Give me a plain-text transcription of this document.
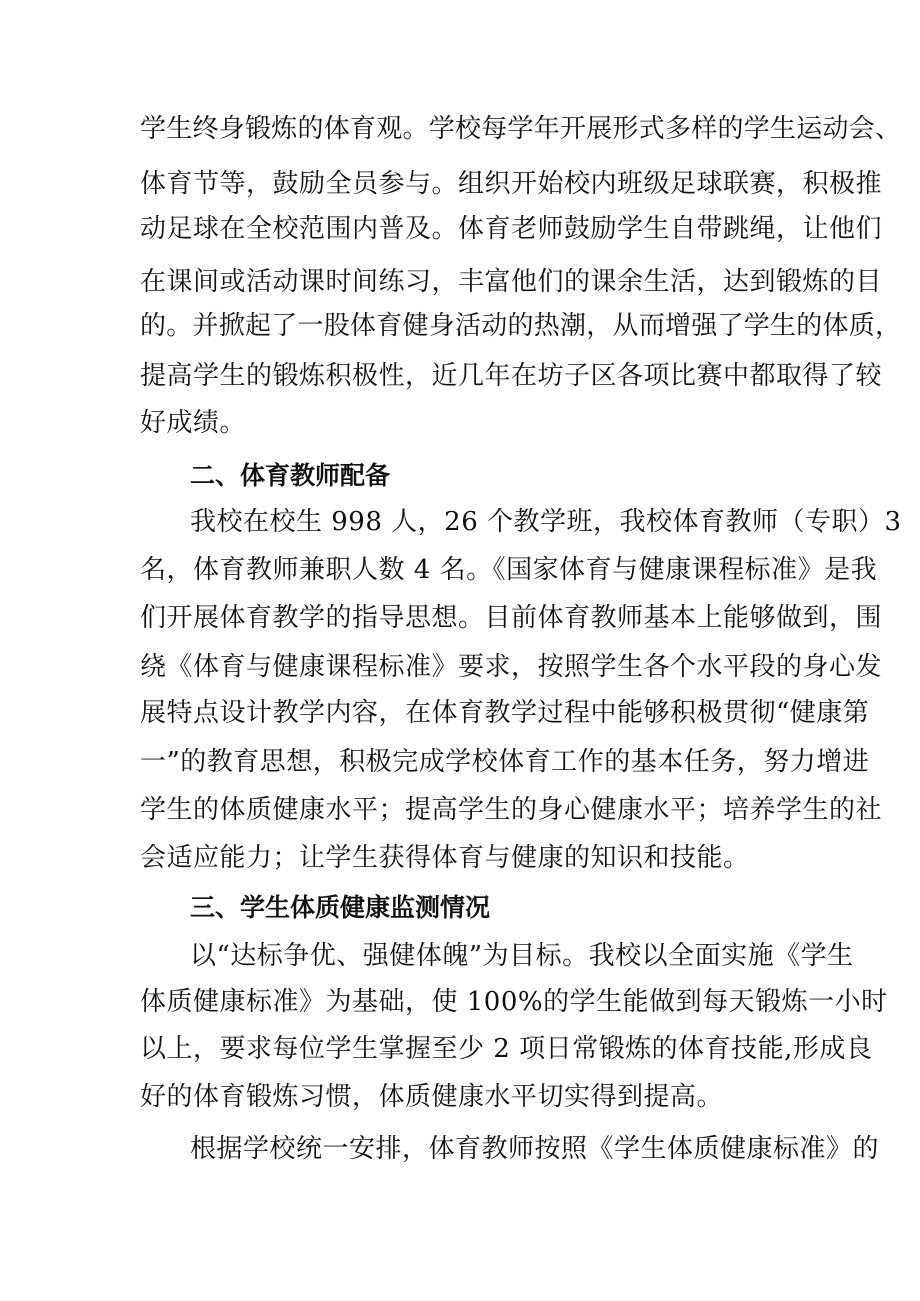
学生终身锻炼的体育观。学校每学年开展形式多样的学生运动会、
体育节等，鼓励全员参与。组织开始校内班级足球联赛，积极推
动足球在全校范围内普及。体育老师鼓励学生自带跳绳，让他们
在课间或活动课时间练习，丰富他们的课余生活，达到锻炼的目
的。并掀起了一股体育健身活动的热潮，从而增强了学生的体质，
提高学生的锻炼积极性，近几年在坊子区各项比赛中都取得了较
好成绩。
二、体育教师配备
我校在校生 998 人，26 个教学班，我校体育教师（专职）3
名，体育教师兼职人数 4 名。《国家体育与健康课程标准》是我
们开展体育教学的指导思想。目前体育教师基本上能够做到，围
绕《体育与健康课程标准》要求，按照学生各个水平段的身心发
展特点设计教学内容，在体育教学过程中能够积极贯彻“健康第
一”的教育思想，积极完成学校体育工作的基本任务，努力增进
学生的体质健康水平；提高学生的身心健康水平；培养学生的社
会适应能力；让学生获得体育与健康的知识和技能。
三、学生体质健康监测情况
以“达标争优、强健体魄”为目标。我校以全面实施《学生
体质健康标准》为基础，使 100%的学生能做到每天锻炼一小时
以上，要求每位学生掌握至少 2 项日常锻炼的体育技能,形成良
好的体育锻炼习惯，体质健康水平切实得到提高。
根据学校统一安排，体育教师按照《学生体质健康标准》的
